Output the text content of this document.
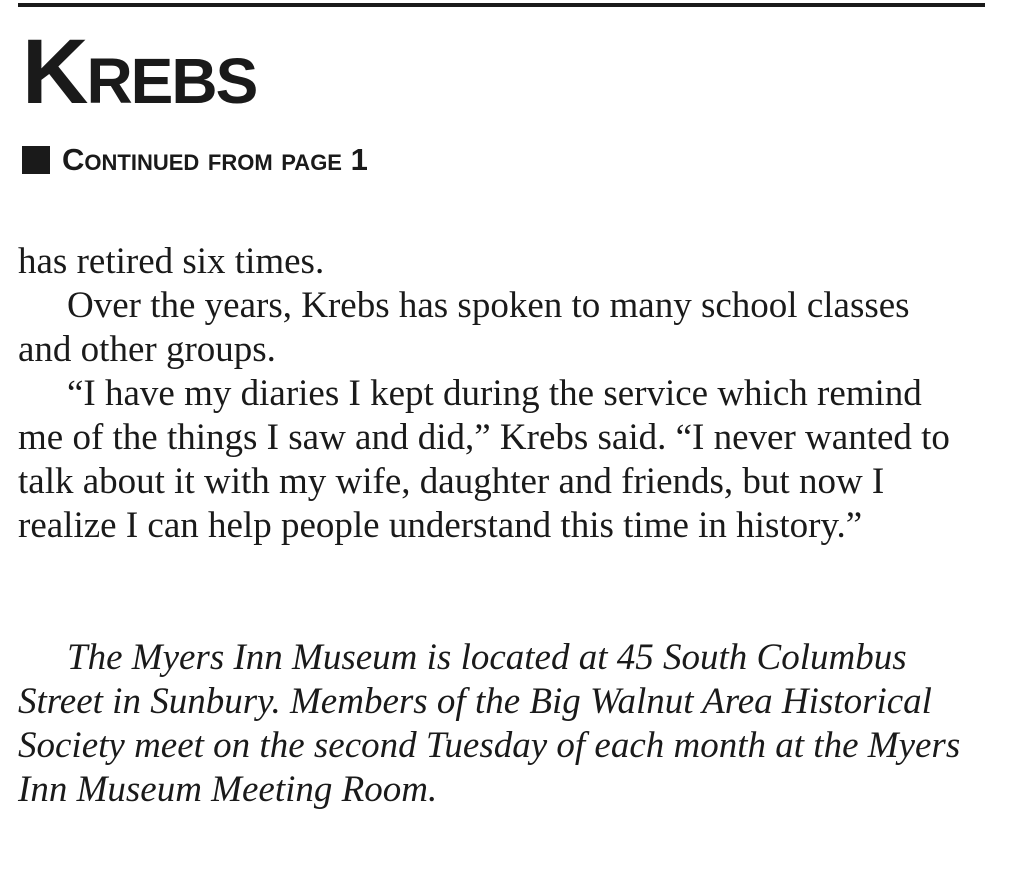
Krebs
Continued from page 1

has retired six times.

Over the years, Krebs has spoken to many school classes and other groups.

“I have my diaries I kept during the service which remind me of the things I saw and did,” Krebs said. “I never wanted to talk about it with my wife, daughter and friends, but now I realize I can help people understand this time in history.”

The Myers Inn Museum is located at 45 South Columbus Street in Sunbury. Members of the Big Walnut Area Historical Society meet on the second Tuesday of each month at the Myers Inn Museum Meeting Room.
